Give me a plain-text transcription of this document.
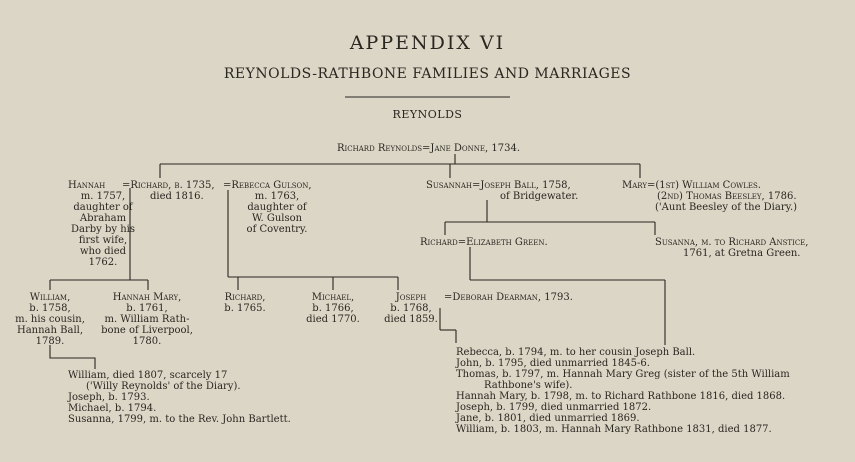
APPENDIX VI
REYNOLDS-RATHBONE FAMILIES AND MARRIAGES
REYNOLDS
Richard Reynolds=Jane Donne, 1734.
Hannah
m. 1757,
daughter of
Abraham
Darby by his
first wife,
who died
1762.
=Richard, b. 1735,
died 1816.
=Rebecca Gulson,
m. 1763,
daughter of
W. Gulson
of Coventry.
Susannah=Joseph Ball, 1758,
of Bridgewater.
Mary=(1st) William Cowles.
(2nd) Thomas Beesley, 1786.
('Aunt Beesley of the Diary.)
Richard=Elizabeth Green.	Susanna, m. to Richard Anstice,
1761, at Gretna Green.
William,
b. 1758,
m. his cousin,
Hannah Ball,
1789.
Hannah Mary,
b. 1761,
m. William Rath-
bone of Liverpool,
1780.
Richard,
b. 1765.
Michael,
b. 1766,
died 1770.
Joseph
b. 1768,
died 1859.
=Deborah Dearman, 1793.
William, died 1807, scarcely 17
('Willy Reynolds' of the Diary).
Joseph, b. 1793.
Michael, b. 1794.
Susanna, 1799, m. to the Rev. John Bartlett.
Rebecca, b. 1794, m. to her cousin Joseph Ball.
John, b. 1795, died unmarried 1845-6.
Thomas, b. 1797, m. Hannah Mary Greg (sister of the 5th William
Rathbone's wife).
Hannah Mary, b. 1798, m. to Richard Rathbone 1816, died 1868.
Joseph, b. 1799, died unmarried 1872.
Jane, b. 1801, died unmarried 1869.
William, b. 1803, m. Hannah Mary Rathbone 1831, died 1877.
